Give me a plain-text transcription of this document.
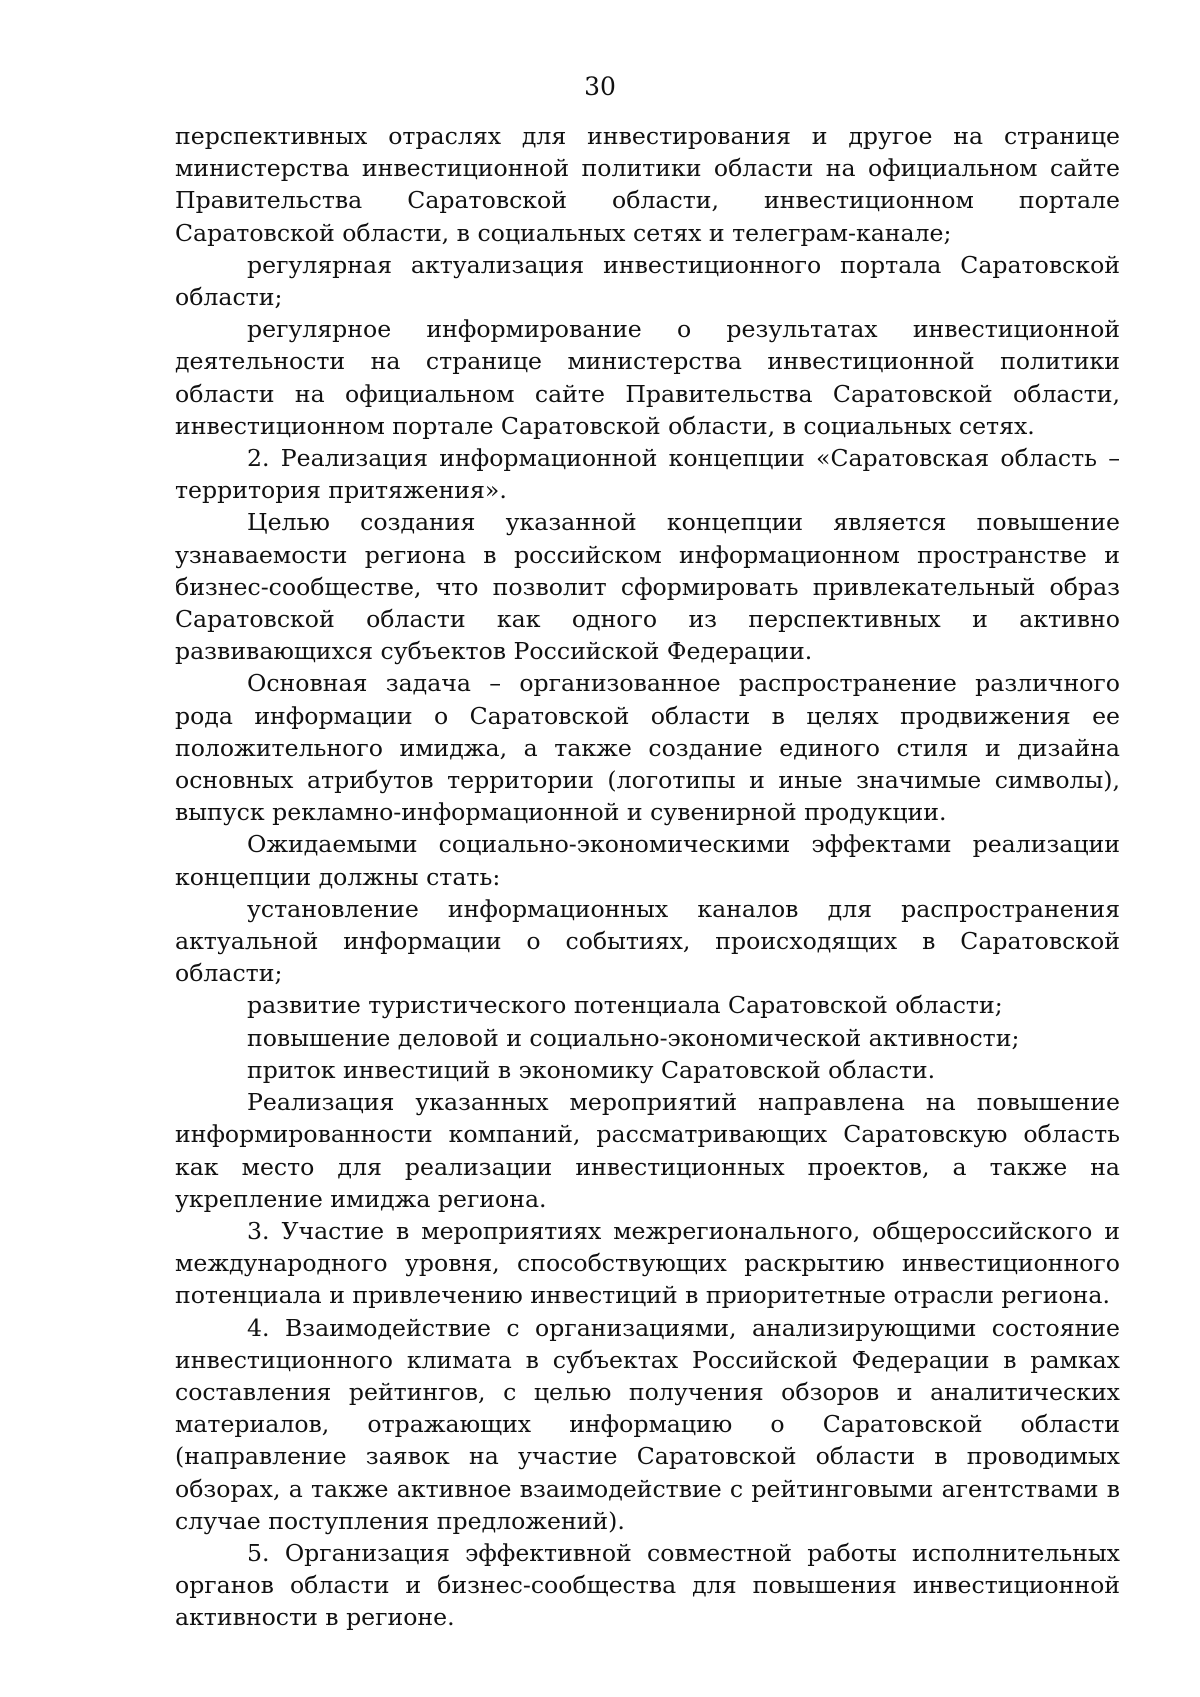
30

перспективных отраслях для инвестирования и другое на странице министерства инвестиционной политики области на официальном сайте Правительства Саратовской области, инвестиционном портале Саратовской области, в социальных сетях и телеграм-канале;

регулярная актуализация инвестиционного портала Саратовской области;

регулярное информирование о результатах инвестиционной деятельности на странице министерства инвестиционной политики области на официальном сайте Правительства Саратовской области, инвестиционном портале Саратовской области, в социальных сетях.

2. Реализация информационной концепции «Саратовская область – территория притяжения».

Целью создания указанной концепции является повышение узнаваемости региона в российском информационном пространстве и бизнес-сообществе, что позволит сформировать привлекательный образ Саратовской области как одного из перспективных и активно развивающихся субъектов Российской Федерации.

Основная задача – организованное распространение различного рода информации о Саратовской области в целях продвижения ее положительного имиджа, а также создание единого стиля и дизайна основных атрибутов территории (логотипы и иные значимые символы), выпуск рекламно-информационной и сувенирной продукции.

Ожидаемыми социально-экономическими эффектами реализации концепции должны стать:

установление информационных каналов для распространения актуальной информации о событиях, происходящих в Саратовской области;

развитие туристического потенциала Саратовской области;

повышение деловой и социально-экономической активности;

приток инвестиций в экономику Саратовской области.

Реализация указанных мероприятий направлена на повышение информированности компаний, рассматривающих Саратовскую область как место для реализации инвестиционных проектов, а также на укрепление имиджа региона.

3. Участие в мероприятиях межрегионального, общероссийского и международного уровня, способствующих раскрытию инвестиционного потенциала и привлечению инвестиций в приоритетные отрасли региона.

4. Взаимодействие с организациями, анализирующими состояние инвестиционного климата в субъектах Российской Федерации в рамках составления рейтингов, с целью получения обзоров и аналитических материалов, отражающих информацию о Саратовской области (направление заявок на участие Саратовской области в проводимых обзорах, а также активное взаимодействие с рейтинговыми агентствами в случае поступления предложений).

5. Организация эффективной совместной работы исполнительных органов области и бизнес-сообщества для повышения инвестиционной активности в регионе.
